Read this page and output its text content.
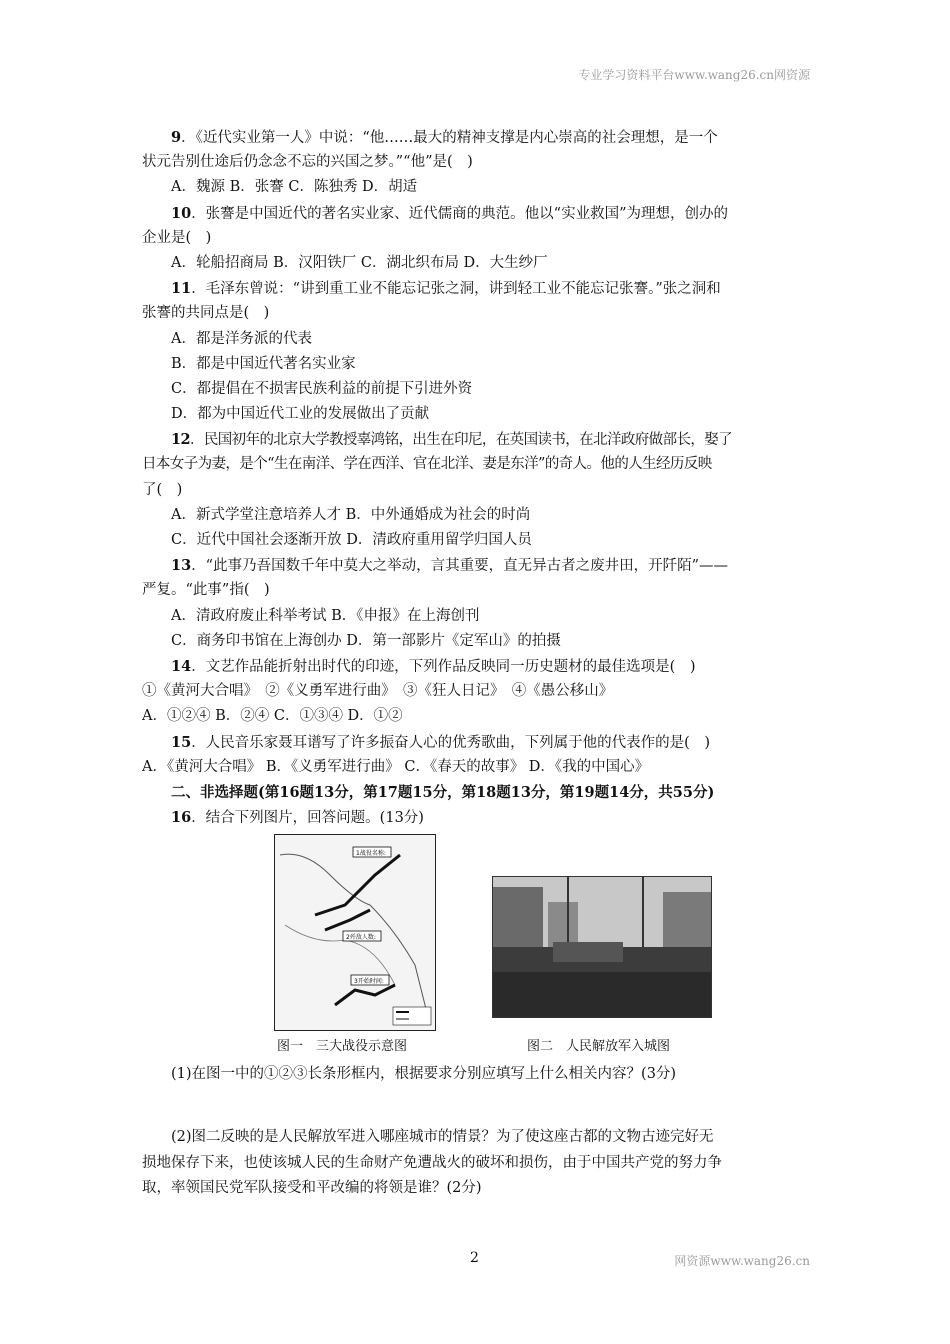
专业学习资料平台www.wang26.cn网资源
9．《近代实业第一人》中说：“他……最大的精神支撑是内心崇高的社会理想，是一个
状元告别仕途后仍念念不忘的兴国之梦。”“他”是(　)
A．魏源 B．张謇 C．陈独秀 D．胡适
10．张謇是中国近代的著名实业家、近代儒商的典范。他以“实业救国”为理想，创办的
企业是(　)
A．轮船招商局 B．汉阳铁厂 C．湖北织布局 D．大生纱厂
11．毛泽东曾说：“讲到重工业不能忘记张之洞，讲到轻工业不能忘记张謇。”张之洞和
张謇的共同点是(　)
A．都是洋务派的代表
B．都是中国近代著名实业家
C．都提倡在不损害民族利益的前提下引进外资
D．都为中国近代工业的发展做出了贡献
12．民国初年的北京大学教授辜鸿铭，出生在印尼，在英国读书，在北洋政府做部长，娶了
日本女子为妻，是个“生在南洋、学在西洋、官在北洋、妻是东洋”的奇人。他的人生经历反映
了(　)
A．新式学堂注意培养人才 B．中外通婚成为社会的时尚
C．近代中国社会逐渐开放 D．清政府重用留学归国人员
13．“此事乃吾国数千年中莫大之举动，言其重要，直无异古者之废井田，开阡陌”——
严复。“此事”指(　)
A．清政府废止科举考试 B．《申报》在上海创刊
C．商务印书馆在上海创办 D．第一部影片《定军山》的拍摄
14．文艺作品能折射出时代的印迹，下列作品反映同一历史题材的最佳选项是(　)
①《黄河大合唱》　②《义勇军进行曲》　③《狂人日记》　④《愚公移山》
A．①②④ B．②④ C．①③④ D．①②
15．人民音乐家聂耳谱写了许多振奋人心的优秀歌曲，下列属于他的代表作的是(　)
A．《黄河大合唱》 B．《义勇军进行曲》 C．《春天的故事》 D．《我的中国心》
二、非选择题(第16题13分，第17题15分，第18题13分，第19题14分，共55分)
16．结合下列图片，回答问题。(13分)
1战役名称:
2歼敌人数:
3开始时间:
图一　三大战役示意图	图二　人民解放军入城图
(1)在图一中的①②③长条形框内，根据要求分别应填写上什么相关内容？(3分)
(2)图二反映的是人民解放军进入哪座城市的情景？为了使这座古都的文物古迹完好无
损地保存下来，也使该城人民的生命财产免遭战火的破坏和损伤，由于中国共产党的努力争
取，率领国民党军队接受和平改编的将领是谁？(2分)
2	网资源www.wang26.cn
